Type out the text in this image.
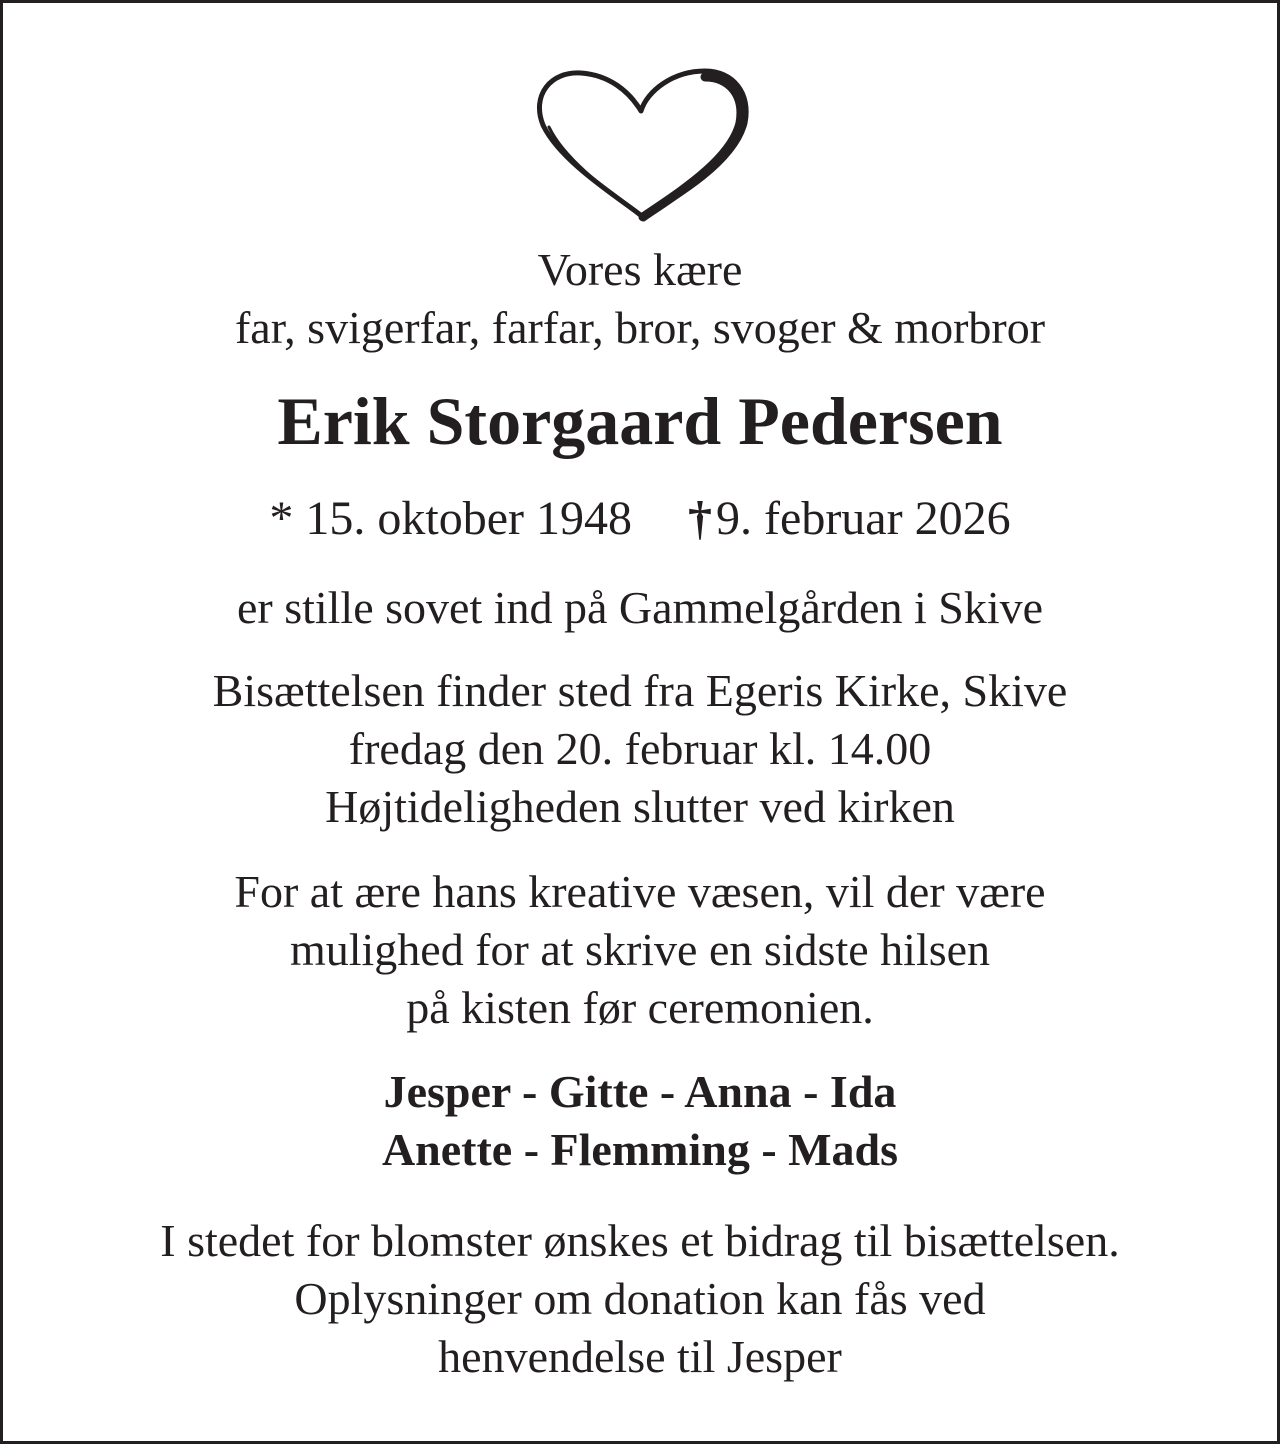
Vores kære
far, svigerfar, farfar, bror, svoger & morbror
Erik Storgaard Pedersen
* 15. oktober 1948 †9. februar 2026
er stille sovet ind på Gammelgården i Skive
Bisættelsen finder sted fra Egeris Kirke, Skive
fredag den 20. februar kl. 14.00
Højtideligheden slutter ved kirken
For at ære hans kreative væsen, vil der være
mulighed for at skrive en sidste hilsen
på kisten før ceremonien.
Jesper - Gitte - Anna - Ida
Anette - Flemming - Mads
I stedet for blomster ønskes et bidrag til bisættelsen.
Oplysninger om donation kan fås ved
henvendelse til Jesper
